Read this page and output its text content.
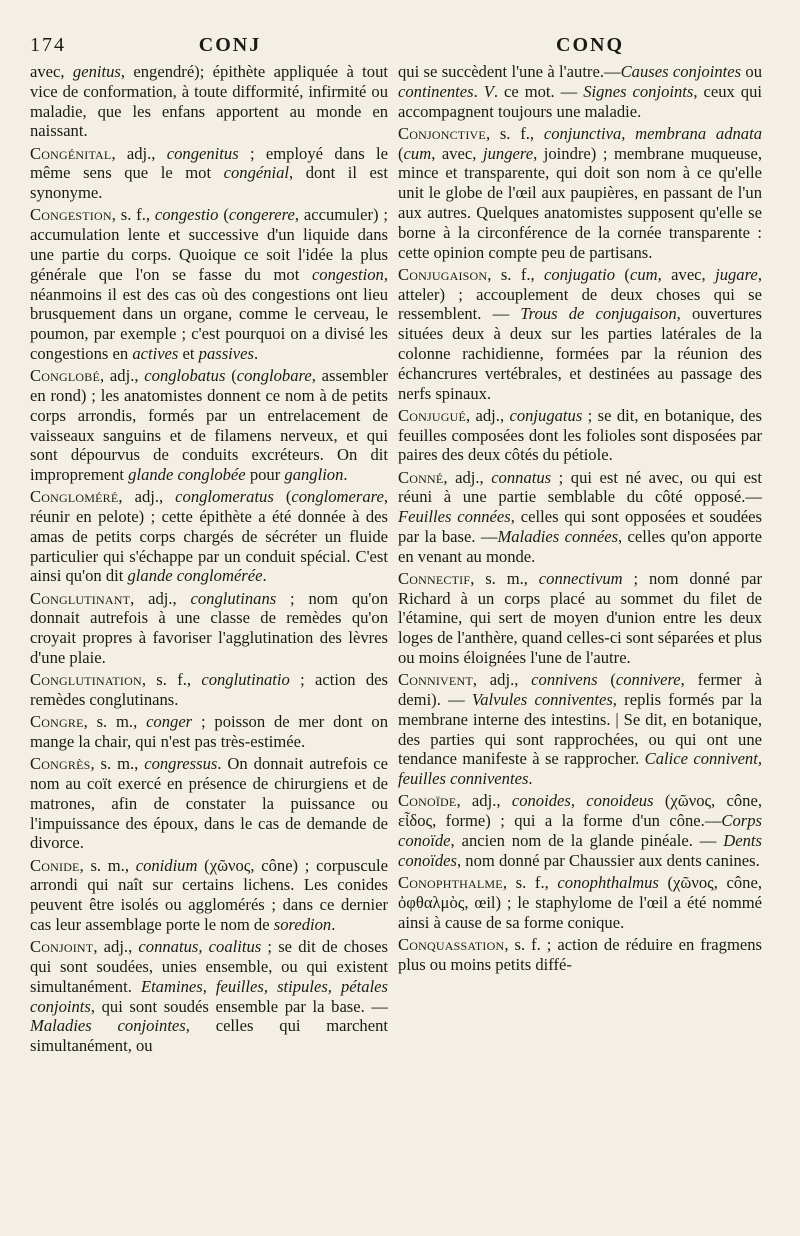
174	CONJ	CONQ

avec, genitus, engendré); épithète appliquée à tout vice de conformation, à toute difformité, infirmité ou maladie, que les enfans apportent au monde en naissant.

Congénital, adj., congenitus ; employé dans le même sens que le mot congénial, dont il est synonyme.

Congestion, s. f., congestio (congerere, accumuler) ; accumulation lente et successive d'un liquide dans une partie du corps. Quoique ce soit l'idée la plus générale que l'on se fasse du mot congestion, néanmoins il est des cas où des congestions ont lieu brusquement dans un organe, comme le cerveau, le poumon, par exemple ; c'est pourquoi on a divisé les congestions en actives et passives.

Conglobé, adj., conglobatus (conglobare, assembler en rond) ; les anatomistes donnent ce nom à de petits corps arrondis, formés par un entrelacement de vaisseaux sanguins et de filamens nerveux, et qui sont dépourvus de conduits excréteurs. On dit improprement glande conglobée pour ganglion.

Congloméré, adj., conglomeratus (conglomerare, réunir en pelote) ; cette épithète a été donnée à des amas de petits corps chargés de sécréter un fluide particulier qui s'échappe par un conduit spécial. C'est ainsi qu'on dit glande conglomérée.

Conglutinant, adj., conglutinans ; nom qu'on donnait autrefois à une classe de remèdes qu'on croyait propres à favoriser l'agglutination des lèvres d'une plaie.

Conglutination, s. f., conglutinatio ; action des remèdes conglutinans.

Congre, s. m., conger ; poisson de mer dont on mange la chair, qui n'est pas très-estimée.

Congrès, s. m., congressus. On donnait autrefois ce nom au coït exercé en présence de chirurgiens et de matrones, afin de constater la puissance ou l'impuissance des époux, dans le cas de demande de divorce.

Conide, s. m., conidium (χῶνος, cône) ; corpuscule arrondi qui naît sur certains lichens. Les conides peuvent être isolés ou agglomérés ; dans ce dernier cas leur assemblage porte le nom de soredion.

Conjoint, adj., connatus, coalitus ; se dit de choses qui sont soudées, unies ensemble, ou qui existent simultanément. Etamines, feuilles, stipules, pétales conjoints, qui sont soudés ensemble par la base. — Maladies conjointes, celles qui marchent simultanément, ou

qui se succèdent l'une à l'autre.—Causes conjointes ou continentes. V. ce mot. — Signes conjoints, ceux qui accompagnent toujours une maladie.

Conjonctive, s. f., conjunctiva, membrana adnata (cum, avec, jungere, joindre) ; membrane muqueuse, mince et transparente, qui doit son nom à ce qu'elle unit le globe de l'œil aux paupières, en passant de l'un aux autres. Quelques anatomistes supposent qu'elle se borne à la circonférence de la cornée transparente : cette opinion compte peu de partisans.

Conjugaison, s. f., conjugatio (cum, avec, jugare, atteler) ; accouplement de deux choses qui se ressemblent. — Trous de conjugaison, ouvertures situées deux à deux sur les parties latérales de la colonne rachidienne, formées par la réunion des échancrures vertébrales, et destinées au passage des nerfs spinaux.

Conjugué, adj., conjugatus ; se dit, en botanique, des feuilles composées dont les folioles sont disposées par paires des deux côtés du pétiole.

Conné, adj., connatus ; qui est né avec, ou qui est réuni à une partie semblable du côté opposé.—Feuilles connées, celles qui sont opposées et soudées par la base. —Maladies connées, celles qu'on apporte en venant au monde.

Connectif, s. m., connectivum ; nom donné par Richard à un corps placé au sommet du filet de l'étamine, qui sert de moyen d'union entre les deux loges de l'anthère, quand celles-ci sont séparées et plus ou moins éloignées l'une de l'autre.

Connivent, adj., connivens (connivere, fermer à demi). — Valvules conniventes, replis formés par la membrane interne des intestins. | Se dit, en botanique, des parties qui sont rapprochées, ou qui ont une tendance manifeste à se rapprocher. Calice connivent, feuilles conniventes.

Conoïde, adj., conoides, conoideus (χῶνος, cône, εἶδος, forme) ; qui a la forme d'un cône.—Corps conoïde, ancien nom de la glande pinéale. — Dents conoïdes, nom donné par Chaussier aux dents canines.

Conophthalme, s. f., conophthalmus (χῶνος, cône, ὀφθαλμὸς, œil) ; le staphylome de l'œil a été nommé ainsi à cause de sa forme conique.

Conquassation, s. f. ; action de réduire en fragmens plus ou moins petits diffé-
